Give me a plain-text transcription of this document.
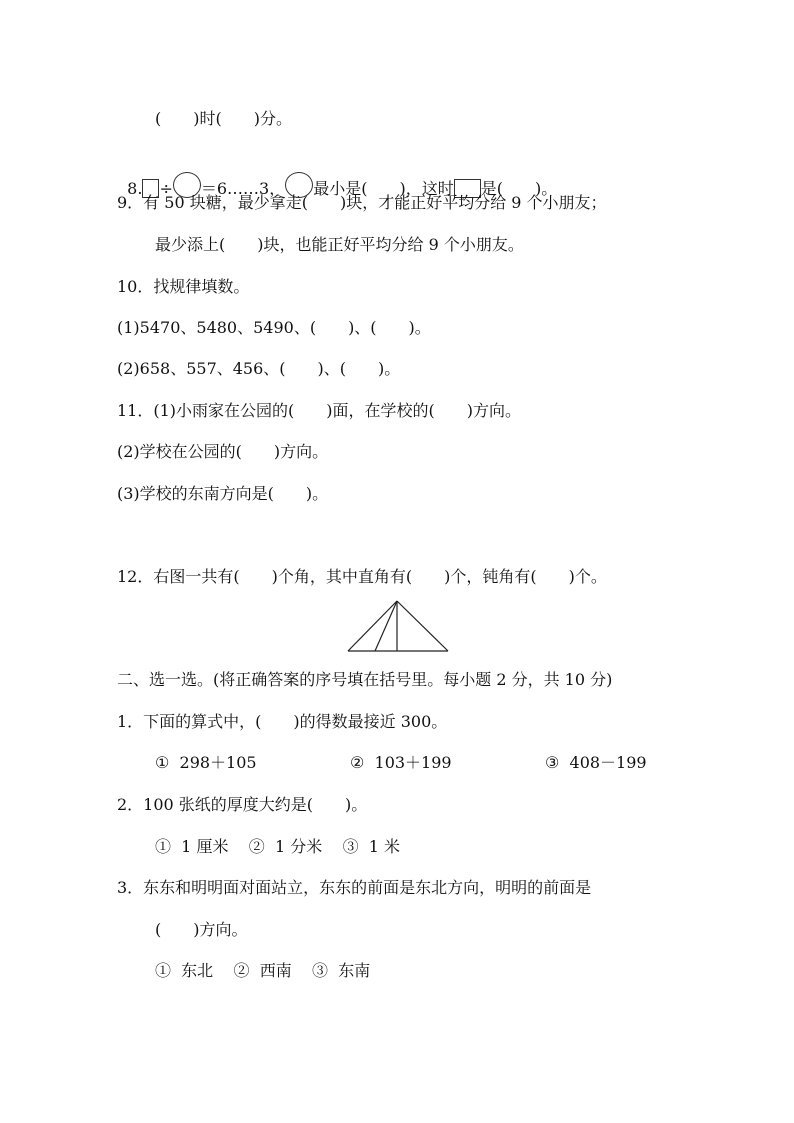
(　　)时(　　)分。

8. ÷ ＝6……3， 最小是(　　)，这时 是(　　)。

9．有 50 块糖，最少拿走(　　)块，才能正好平均分给 9 个小朋友；
最少添上(　　)块，也能正好平均分给 9 个小朋友。
10．找规律填数。
(1)5470、5480、5490、(　　)、(　　)。
(2)658、557、456、(　　)、(　　)。
11．(1)小雨家在公园的(　　)面，在学校的(　　)方向。
(2)学校在公园的(　　)方向。
(3)学校的东南方向是(　　)。
12．右图一共有(　　)个角，其中直角有(　　)个，钝角有(　　)个。
二、选一选。(将正确答案的序号填在括号里。每小题 2 分，共 10 分)
1．下面的算式中，(　　)的得数最接近 300。
①  298＋105	②  103＋199	③  408－199
2．100 张纸的厚度大约是(　　)。
①  1 厘米    ②  1 分米    ③  1 米
3．东东和明明面对面站立，东东的前面是东北方向，明明的前面是
(　　)方向。
①  东北    ②  西南    ③  东南
